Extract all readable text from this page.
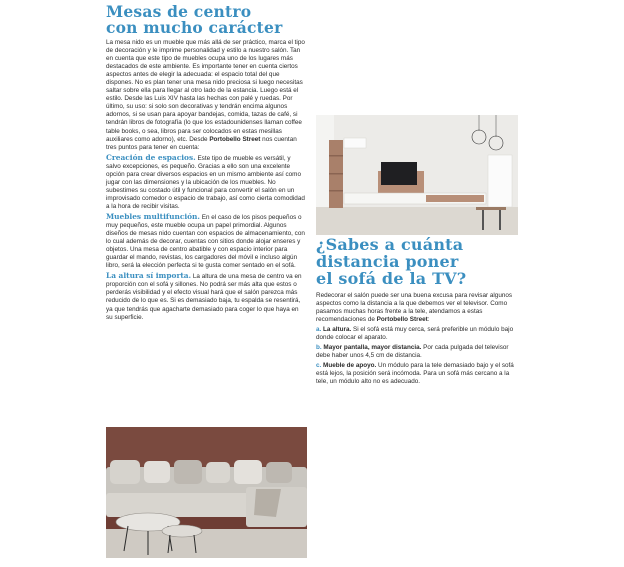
Mesas de centro
con mucho carácter

La mesa nido es un mueble que más allá de ser práctico, marca el tipo de decoración y le imprime personalidad y estilo a nuestro salón. Tan en cuenta que este tipo de muebles ocupa uno de los lugares más destacados de este ambiente. Es importante tener en cuenta ciertos aspectos antes de elegir la adecuada: el espacio total del que dispones. No es plan tener una mesa nido preciosa si luego necesitas saltar sobre ella para llegar al otro lado de la estancia. Luego está el estilo. Desde las Luis XIV hasta las hechas con palé y ruedas. Por último, su uso: si solo son decorativas y tendrán encima algunos adornos, si se usan para apoyar bandejas, comida, tazas de café, si tendrán libros de fotografía (lo que los estadounidenses llaman coffee table books, o sea, libros para ser colocados en estas mesillas auxiliares como adorno), etc. Desde Portobello Street nos cuentan tres puntos para tener en cuenta:

Creación de espacios. Este tipo de mueble es versátil, y salvo excepciones, es pequeño. Gracias a ello son una excelente opción para crear diversos espacios en un mismo ambiente así como jugar con las dimensiones y la ubicación de los muebles. No subestimes su costado útil y funcional para convertir el salón en un improvisado comedor o espacio de trabajo, así como cierta comodidad a la hora de recibir visitas.

Muebles multifunción. En el caso de los pisos pequeños o muy pequeños, este mueble ocupa un papel primordial. Algunos diseños de mesas nido cuentan con espacios de almacenamiento, con lo cual además de decorar, cuentas con sitios donde alojar enseres y objetos. Una mesa de centro abatible y con espacio interior para guardar el mando, revistas, los cargadores del móvil e incluso algún libro, será la elección perfecta si te gusta comer sentado en el sofá.

La altura sí importa. La altura de una mesa de centro va en proporción con el sofá y sillones. No podrá ser más alta que estos o perderás visibilidad y el efecto visual hará que el salón parezca más reducido de lo que es. Si es demasiado baja, tu espalda se resentirá, ya que tendrás que agacharte demasiado para coger lo que haya en su superficie.

¿Sabes a cuánta
distancia poner
el sofá de la TV?

Redecorar el salón puede ser una buena excusa para revisar algunos aspectos como la distancia a la que debemos ver el televisor. Como pasamos muchas horas frente a la tele, atendamos a estas recomendaciones de Portobello Street:

a. La altura. Si el sofá está muy cerca, será preferible un módulo bajo donde colocar el aparato.

b. Mayor pantalla, mayor distancia. Por cada pulgada del televisor debe haber unos 4,5 cm de distancia.

c. Mueble de apoyo. Un módulo para la tele demasiado bajo y el sofá está lejos, la posición será incómoda. Para un sofá más cercano a la tele, un módulo alto no es adecuado.
